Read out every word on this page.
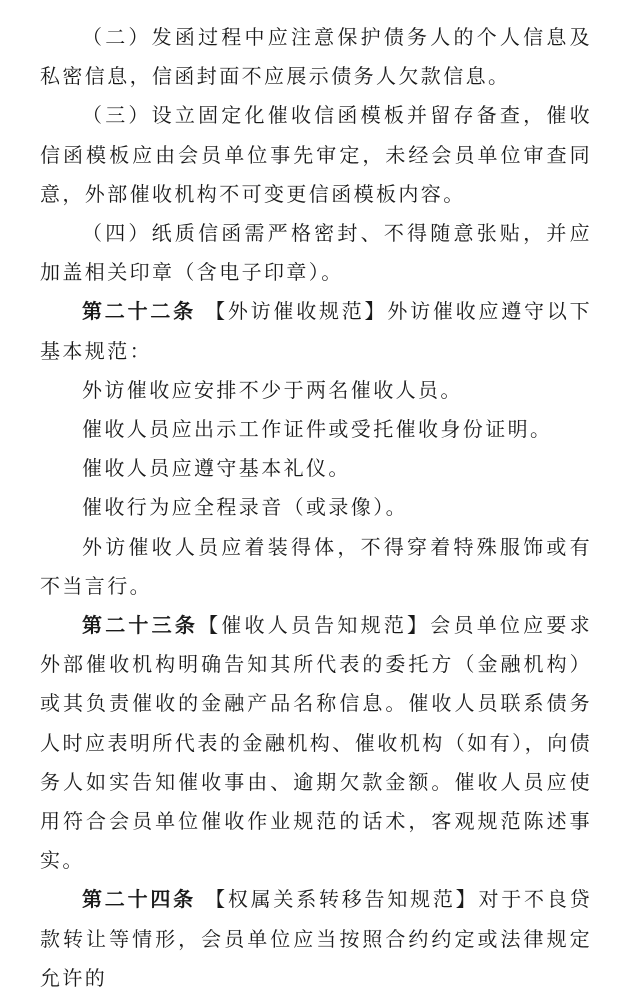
（二）发函过程中应注意保护债务人的个人信息及私密信息，信函封面不应展示债务人欠款信息。

（三）设立固定化催收信函模板并留存备查，催收信函模板应由会员单位事先审定，未经会员单位审查同意，外部催收机构不可变更信函模板内容。

（四）纸质信函需严格密封、不得随意张贴，并应加盖相关印章（含电子印章）。

第二十二条 【外访催收规范】外访催收应遵守以下基本规范：

外访催收应安排不少于两名催收人员。

催收人员应出示工作证件或受托催收身份证明。

催收人员应遵守基本礼仪。

催收行为应全程录音（或录像）。

外访催收人员应着装得体，不得穿着特殊服饰或有不当言行。

第二十三条【催收人员告知规范】会员单位应要求外部催收机构明确告知其所代表的委托方（金融机构）或其负责催收的金融产品名称信息。催收人员联系债务人时应表明所代表的金融机构、催收机构（如有），向债务人如实告知催收事由、逾期欠款金额。催收人员应使用符合会员单位催收作业规范的话术，客观规范陈述事实。

第二十四条 【权属关系转移告知规范】对于不良贷款转让等情形，会员单位应当按照合约约定或法律规定允许的
